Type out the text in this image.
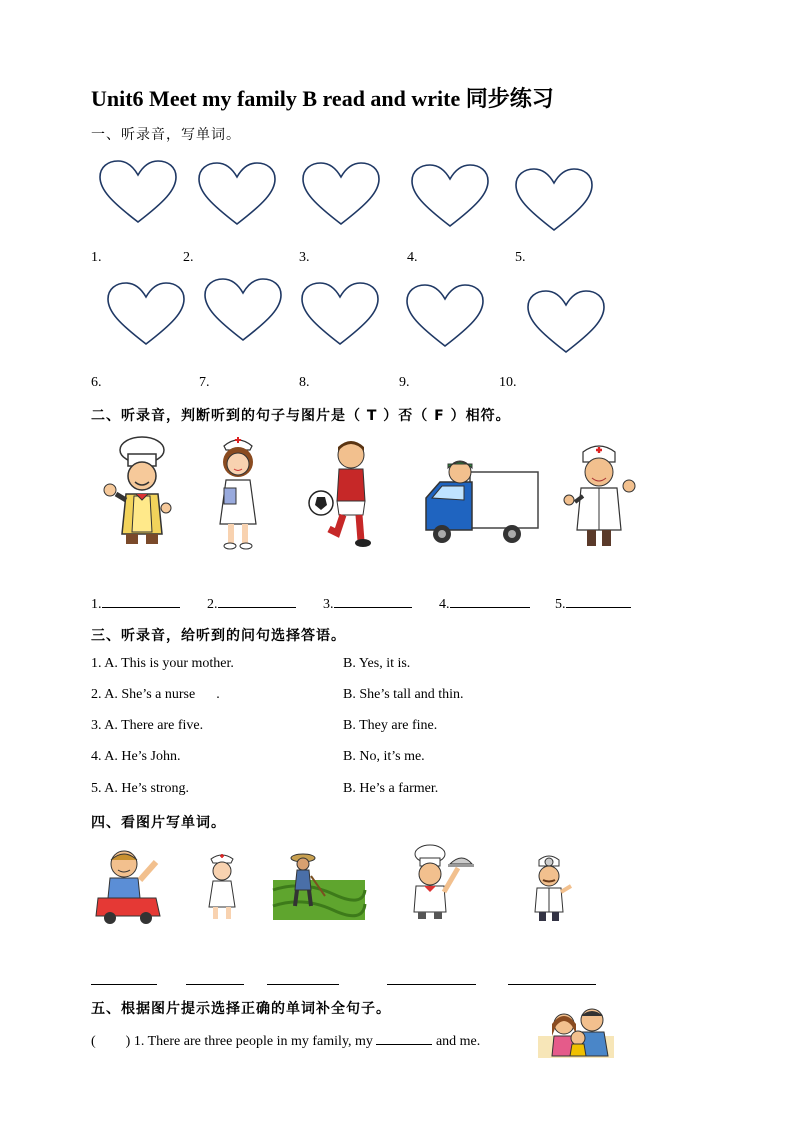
Unit6 Meet my family B read and write 同步练习
一、听录音，写单词。
1.	2.	3.	4.	5.
6.	7.	8.	9.	10.
二、听录音，判断听到的句子与图片是（ T ）否（ F ）相符。
1.	2.	3.	4.	5.
三、听录音，给听到的问句选择答语。
1. A. This is your mother.	B. Yes, it is.
2. A. She’s a nurse      .	B. She’s tall and thin.
3. A. There are five.	B. They are fine.
4. A. He’s John.	B. No, it’s me.
5. A. He’s strong.	B. He’s a farmer.
四、看图片写单词。
五、根据图片提示选择正确的单词补全句子。
( ) 1. There are three people in my family, my	and me.
